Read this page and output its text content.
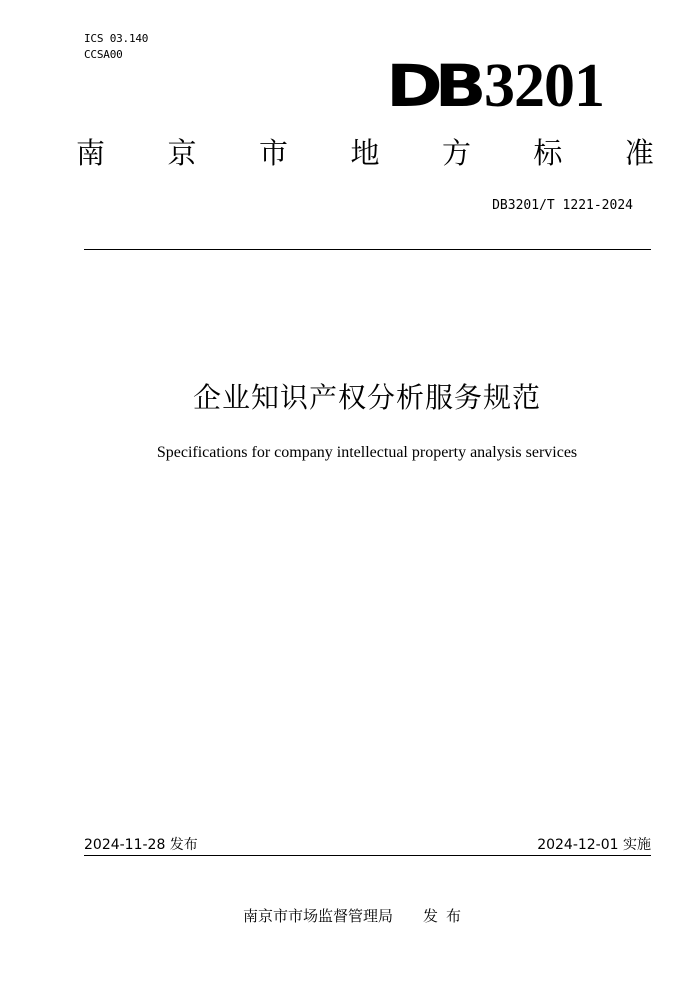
ICS 03.140
CCSA00	DB 3201
南 京 市 地 方 标 准
DB3201/T 1221-2024
企业知识产权分析服务规范
Specifications for company intellectual property analysis services
2024-11-28 发布	2024-12-01 实施
南京市市场监督管理局 发布
